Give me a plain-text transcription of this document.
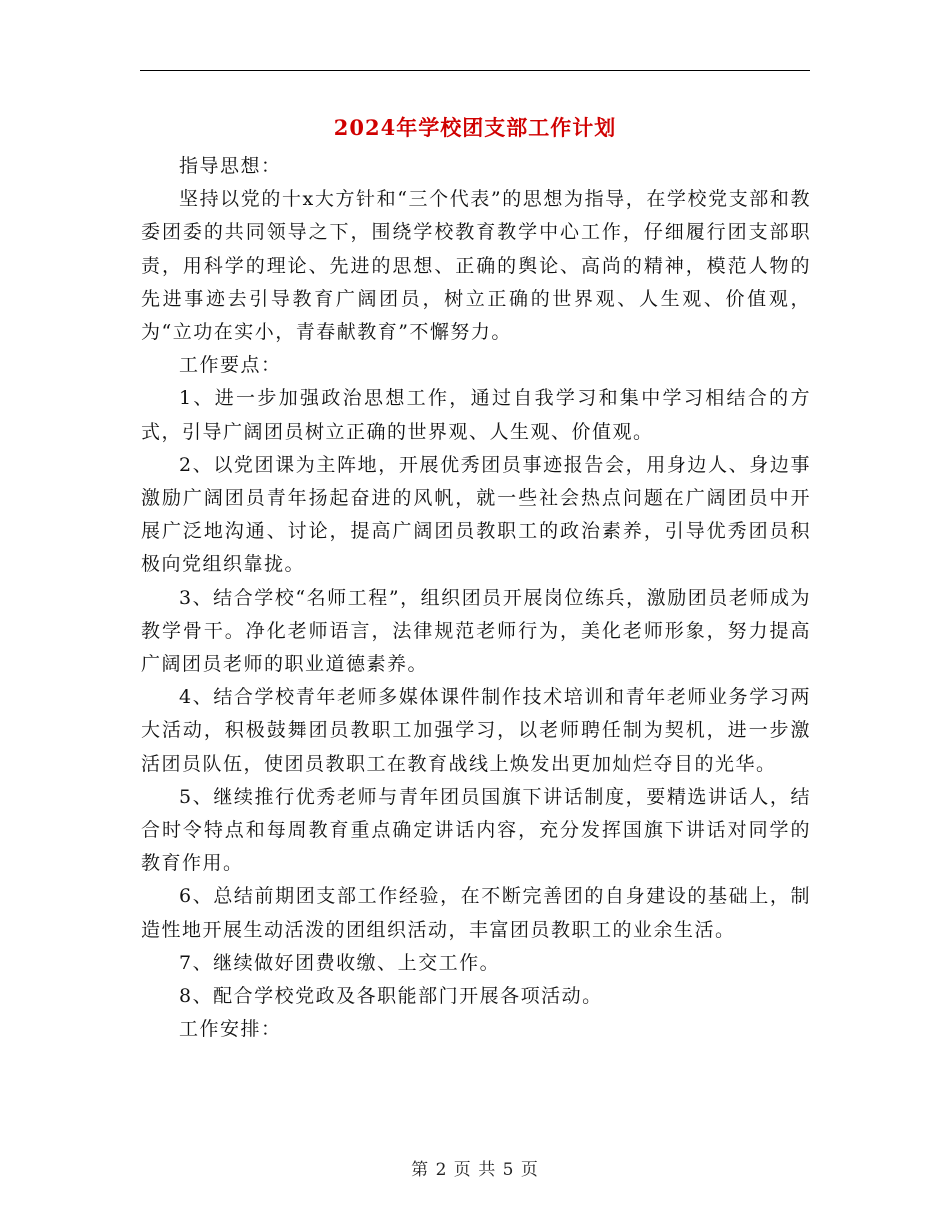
2024年学校团支部工作计划

指导思想：

坚持以党的十x大方针和“三个代表”的思想为指导，在学校党支部和教委团委的共同领导之下，围绕学校教育教学中心工作，仔细履行团支部职责，用科学的理论、先进的思想、正确的舆论、高尚的精神，模范人物的先进事迹去引导教育广阔团员，树立正确的世界观、人生观、价值观，为“立功在实小，青春献教育”不懈努力。

工作要点：

1、进一步加强政治思想工作，通过自我学习和集中学习相结合的方式，引导广阔团员树立正确的世界观、人生观、价值观。

2、以党团课为主阵地，开展优秀团员事迹报告会，用身边人、身边事激励广阔团员青年扬起奋进的风帆，就一些社会热点问题在广阔团员中开展广泛地沟通、讨论，提高广阔团员教职工的政治素养，引导优秀团员积极向党组织靠拢。

3、结合学校“名师工程”，组织团员开展岗位练兵，激励团员老师成为教学骨干。净化老师语言，法律规范老师行为，美化老师形象，努力提高广阔团员老师的职业道德素养。

4、结合学校青年老师多媒体课件制作技术培训和青年老师业务学习两大活动，积极鼓舞团员教职工加强学习，以老师聘任制为契机，进一步激活团员队伍，使团员教职工在教育战线上焕发出更加灿烂夺目的光华。

5、继续推行优秀老师与青年团员国旗下讲话制度，要精选讲话人，结合时令特点和每周教育重点确定讲话内容，充分发挥国旗下讲话对同学的教育作用。

6、总结前期团支部工作经验，在不断完善团的自身建设的基础上，制造性地开展生动活泼的团组织活动，丰富团员教职工的业余生活。

7、继续做好团费收缴、上交工作。

8、配合学校党政及各职能部门开展各项活动。

工作安排：

第 2 页 共 5 页
